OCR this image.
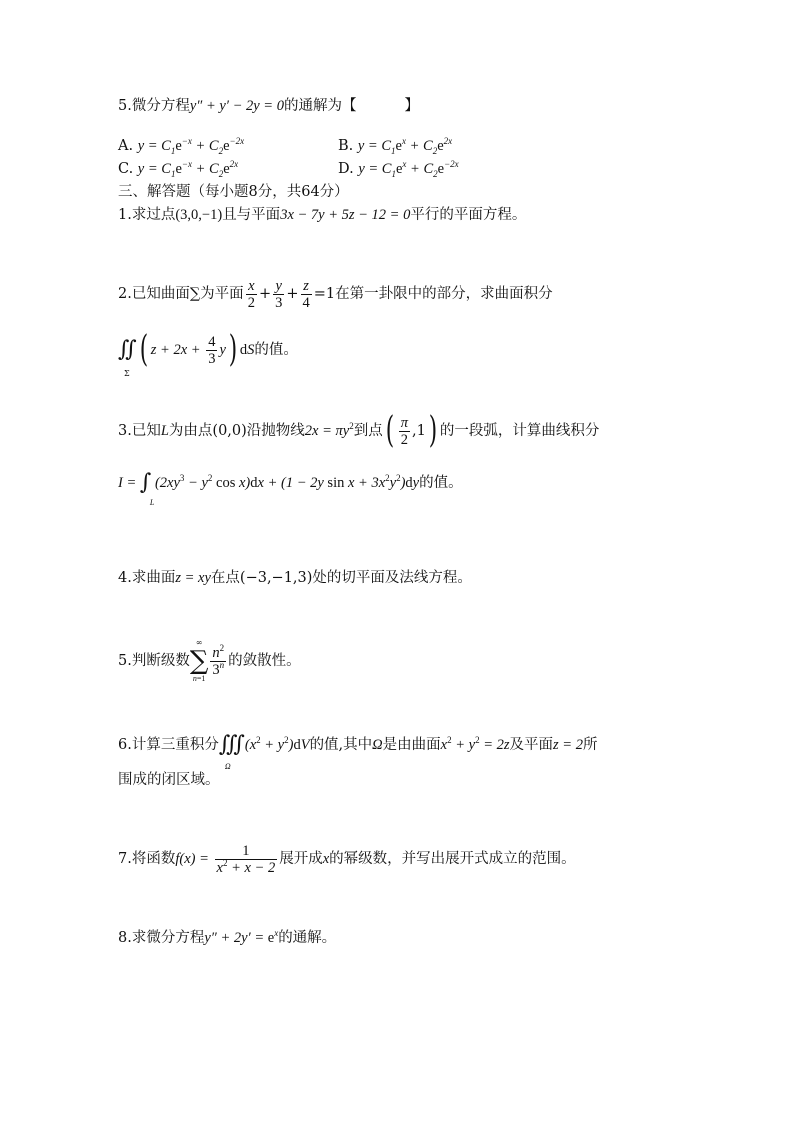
5.微分方程y″ + y′ − 2y = 0的通解为【	】
A. $y = C_1e^{-x} + C_2e^{-2x}$	B. $y = C_1e^x + C_2e^{2x}$
C. $y = C_1e^{-x} + C_2e^{2x}$	D. $y = C_1e^x + C_2e^{-2x}$
三、解答题（每小题8分，共64分）
1.求过点(3,0,−1)且与平面3x − 7y + 5z − 12 = 0平行的平面方程。
2.已知曲面∑为平面 $\frac{x}{2} + \frac{y}{3} + \frac{z}{4} =1$在第一卦限中的部分，求曲面积分
∬
Σ
( $z + 2x + \frac{4}{3} y$) dS的值。
3.已知L为由点(0,0)沿抛物线$2x = \pi y^2$到点( $\frac{\pi}{2} ,1$) 的一段弧，计算曲线积分
I = ∫
L
($2xy^3 - y^2$ cos x)dx + (1 − 2y $\sin x + 3x^2y^2)dy$的值。
4.求曲面z = xy在点(−3,−1,3)处的切平面及法线方程。
5.判断级数
∞
∑
n=1
$\frac{n^2}{3^n}$ 的敛散性。
6.计算三重积分∭
Ω
$(x^2 + y^2)dV$的值,其中Ω是由曲面$x^2 + y^2 = 2z$及平面z = 2所
围成的闭区域。
7.将函数$f(x) = \frac{1}{x^2 + x - 2}$ 展开成x的幂级数，并写出展开式成立的范围。
8.求微分方程$y'' + 2y' = e^x$的通解。
